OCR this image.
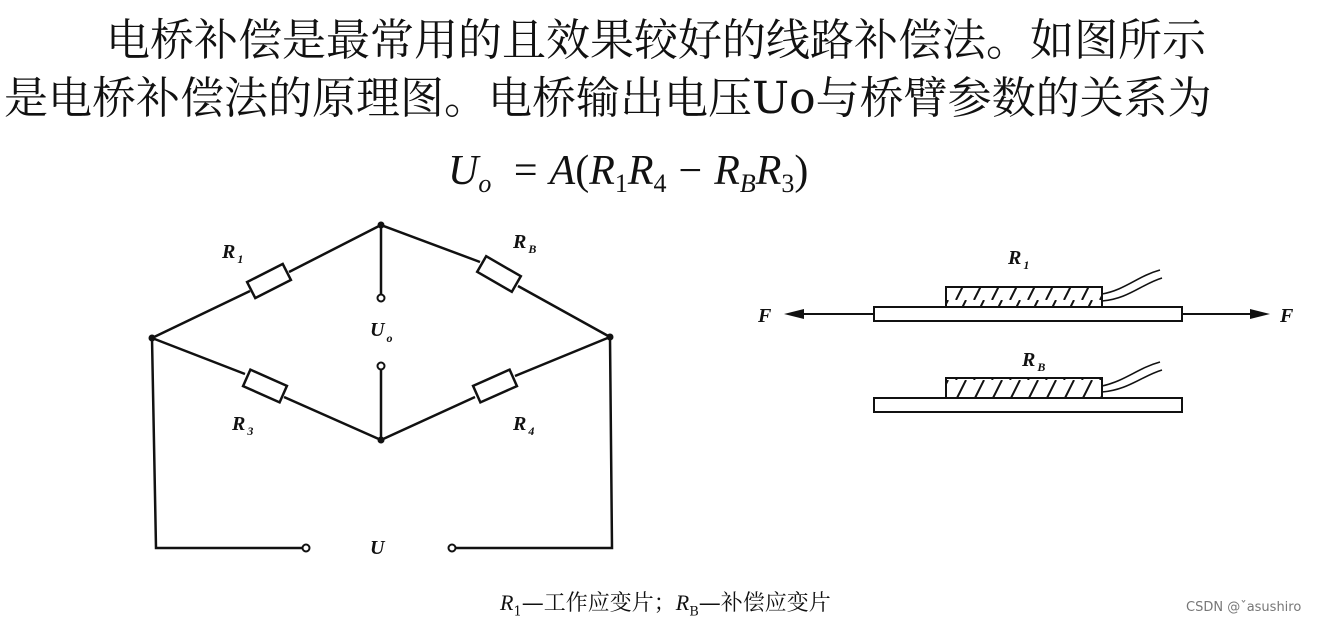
电桥补偿是最常用的且效果较好的线路补偿法。如图所示
是电桥补偿法的原理图。电桥输出电压Uo与桥臂参数的关系为
$U_o = A(R_1R_4 - R_BR_3)$
R $_1$
R $_B$
R $_3$	R $_4$
U $_o$
U
F	F
R $_1$
R $_B$
$R_1—$工作应变片；$R_B—$补偿应变片	CSDN @ˇasushiro
